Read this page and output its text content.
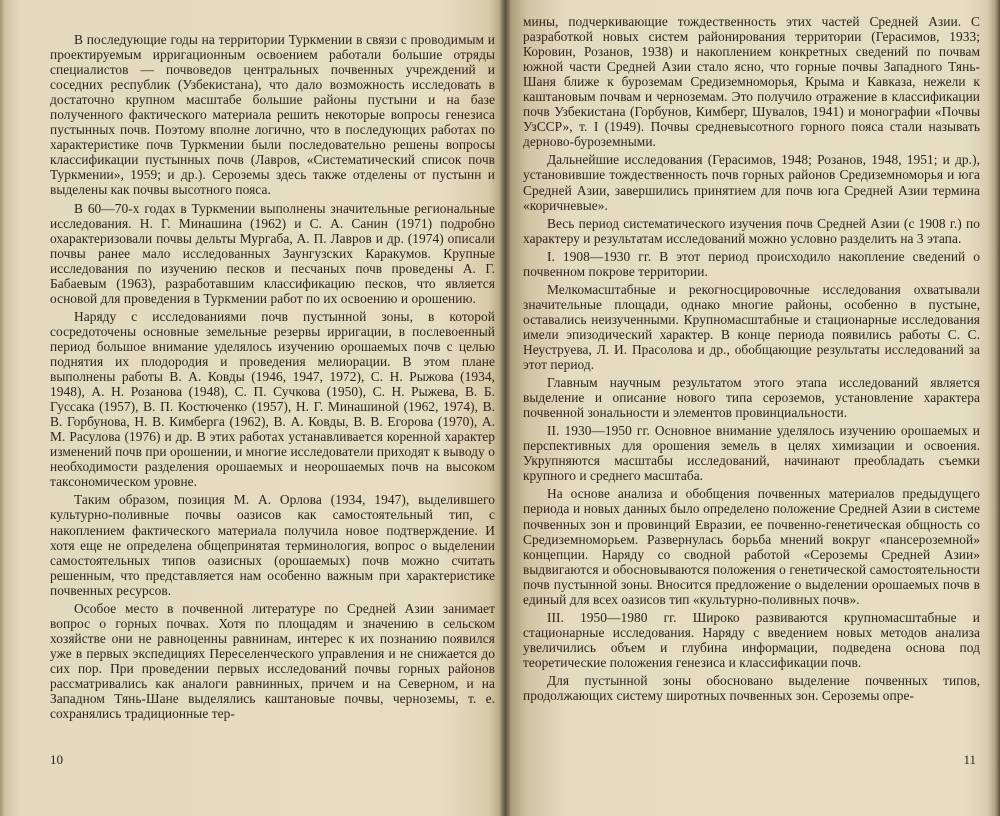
В последующие годы на территории Туркмении в связи с проводимым и проектируемым ирригационным освоением работали большие отряды специалистов — почвоведов центральных почвенных учреждений и соседних республик (Узбекистана), что дало возможность исследовать в достаточно крупном масштабе большие районы пустыни и на базе полученного фактического материала решить некоторые вопросы генезиса пустынных почв. Поэтому вполне логично, что в последующих работах по характеристике почв Туркмении были последовательно решены вопросы классификации пустынных почв (Лавров, «Систематический список почв Туркмении», 1959; и др.). Сероземы здесь также отделены от пустынн и выделены как почвы высотного пояса.

В 60—70-х годах в Туркмении выполнены значительные региональные исследования. Н. Г. Минашина (1962) и С. А. Санин (1971) подробно охарактеризовали почвы дельты Мургаба, А. П. Лавров и др. (1974) описали почвы ранее мало исследованных Заунгузских Каракумов. Крупные исследования по изучению песков и песчаных почв проведены А. Г. Бабаевым (1963), разработавшим классификацию песков, что является основой для проведения в Туркмении работ по их освоению и орошению.

Наряду с исследованиями почв пустынной зоны, в которой сосредоточены основные земельные резервы ирригации, в послевоенный период большое внимание уделялось изучению орошаемых почв с целью поднятия их плодородия и проведения мелиорации. В этом плане выполнены работы В. А. Ковды (1946, 1947, 1972), С. Н. Рыжова (1934, 1948), А. Н. Розанова (1948), С. П. Сучкова (1950), С. Н. Рыжева, В. Б. Гуссака (1957), В. П. Костюченко (1957), Н. Г. Минашиной (1962, 1974), В. В. Горбунова, Н. В. Кимберга (1962), В. А. Ковды, В. В. Егорова (1970), А. М. Расулова (1976) и др. В этих работах устанавливается коренной характер изменений почв при орошении, и многие исследователи приходят к выводу о необходимости разделения орошаемых и неорошаемых почв на высоком таксономическом уровне.

Таким образом, позиция М. А. Орлова (1934, 1947), выделившего культурно-поливные почвы оазисов как самостоятельный тип, с накоплением фактического материала получила новое подтверждение. И хотя еще не определена общепринятая терминология, вопрос о выделении самостоятельных типов оазисных (орошаемых) почв можно считать решенным, что представляется нам особенно важным при характеристике почвенных ресурсов.

Особое место в почвенной литературе по Средней Азии занимает вопрос о горных почвах. Хотя по площадям и значению в сельском хозяйстве они не равноценны равнинам, интерес к их познанию появился уже в первых экспедициях Переселенческого управления и не снижается до сих пор. При проведении первых исследований почвы горных районов рассматривались как аналоги равнинных, причем и на Северном, и на Западном Тянь-Шане выделялись каштановые почвы, черноземы, т. е. сохранялись традиционные тер-

10

мины, подчеркивающие тождественность этих частей Средней Азии. С разработкой новых систем районирования территории (Герасимов, 1933; Коровин, Розанов, 1938) и накоплением конкретных сведений по почвам южной части Средней Азии стало ясно, что горные почвы Западного Тянь-Шаня ближе к буроземам Средиземноморья, Крыма и Кавказа, нежели к каштановым почвам и черноземам. Это получило отражение в классификации почв Узбекистана (Горбунов, Кимберг, Шувалов, 1941) и монографии «Почвы УзССР», т. I (1949). Почвы средневысотного горного пояса стали называть дерново-буроземными.

Дальнейшие исследования (Герасимов, 1948; Розанов, 1948, 1951; и др.), установившие тождественность почв горных районов Средиземноморья и юга Средней Азии, завершились принятием для почв юга Средней Азии термина «коричневые».

Весь период систематического изучения почв Средней Азии (с 1908 г.) по характеру и результатам исследований можно условно разделить на 3 этапа.

I. 1908—1930 гг. В этот период происходило накопление сведений о почвенном покрове территории.

Мелкомасштабные и рекогносцировочные исследования охватывали значительные площади, однако многие районы, особенно в пустыне, оставались неизученными. Крупномасштабные и стационарные исследования имели эпизодический характер. В конце периода появились работы С. С. Неуструева, Л. И. Прасолова и др., обобщающие результаты исследований за этот период.

Главным научным результатом этого этапа исследований является выделение и описание нового типа сероземов, установление характера почвенной зональности и элементов провинциальности.

II. 1930—1950 гг. Основное внимание уделялось изучению орошаемых и перспективных для орошения земель в целях химизации и освоения. Укрупняются масштабы исследований, начинают преобладать съемки крупного и среднего масштаба.

На основе анализа и обобщения почвенных материалов предыдущего периода и новых данных было определено положение Средней Азии в системе почвенных зон и провинций Евразии, ее почвенно-генетическая общность со Средиземноморьем. Развернулась борьба мнений вокруг «пансероземной» концепции. Наряду со сводной работой «Сероземы Средней Азии» выдвигаются и обосновываются положения о генетической самостоятельности почв пустынной зоны. Вносится предложение о выделении орошаемых почв в единый для всех оазисов тип «культурно-поливных почв».

III. 1950—1980 гг. Широко развиваются крупномасштабные и стационарные исследования. Наряду с введением новых методов анализа увеличились объем и глубина информации, подведена основа под теоретические положения генезиса и классификации почв.

Для пустынной зоны обосновано выделение почвенных типов, продолжающих систему широтных почвенных зон. Сероземы опре-

11
